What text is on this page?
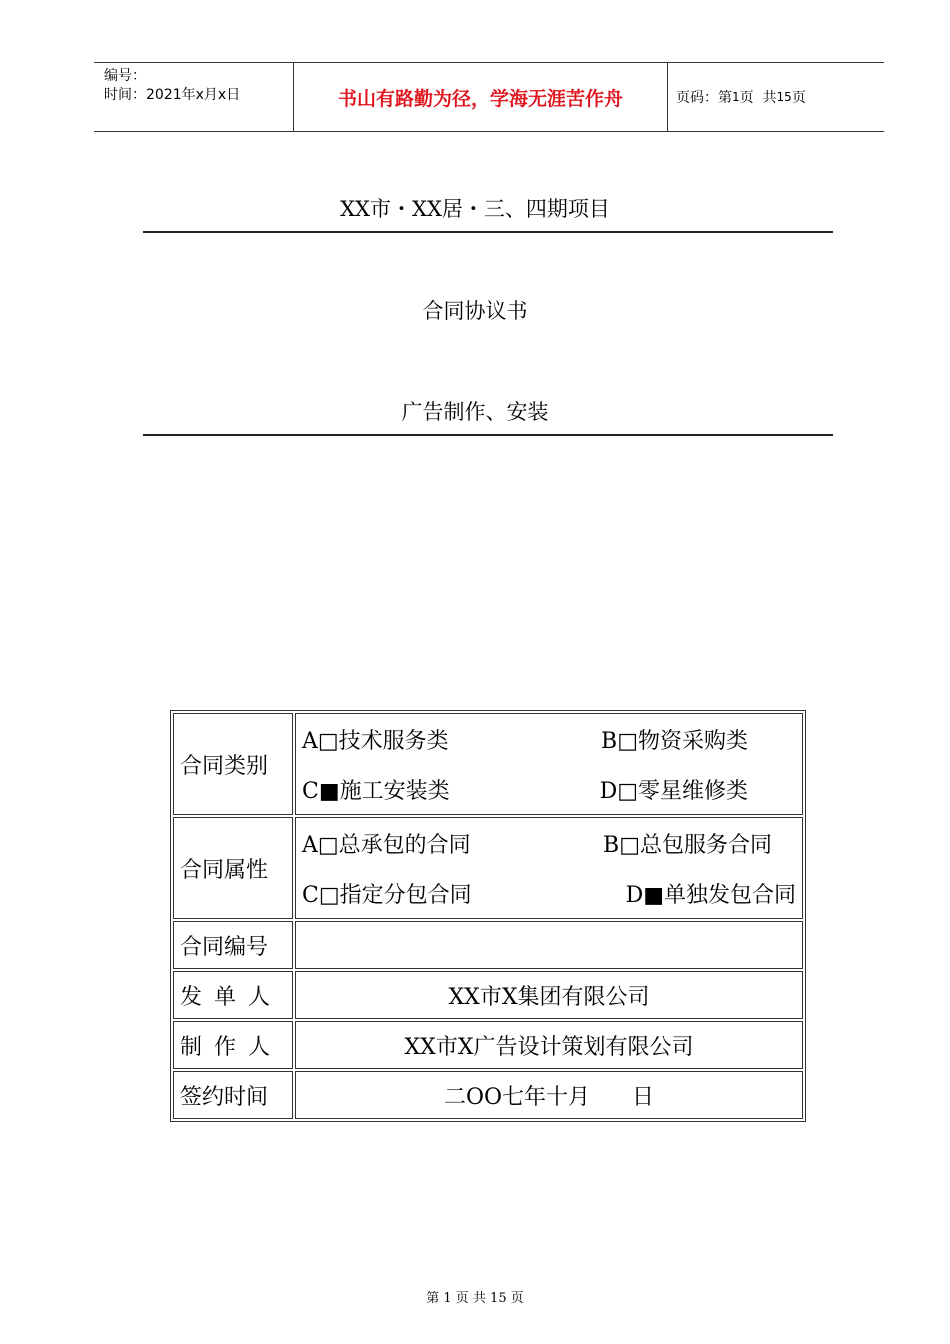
编号：
时间：2021年x月x日	书山有路勤为径，学海无涯苦作舟	页码：第 1 页  共 15 页
XX市・XX居・三、四期项目
合同协议书
广告制作、安装
合同类别	A□技术服务类 B□物资采购类
C■施工安装类 D□零星维修类

合同属性	A□总承包的合同 B□总包服务合同
C□指定分包合同 D■单独发包合同

合同编号	
发单人	XX市X集团有限公司
制作人	XX市X广告设计策划有限公司
签约时间	二OO七年十月      日
第 1 页 共 15 页
